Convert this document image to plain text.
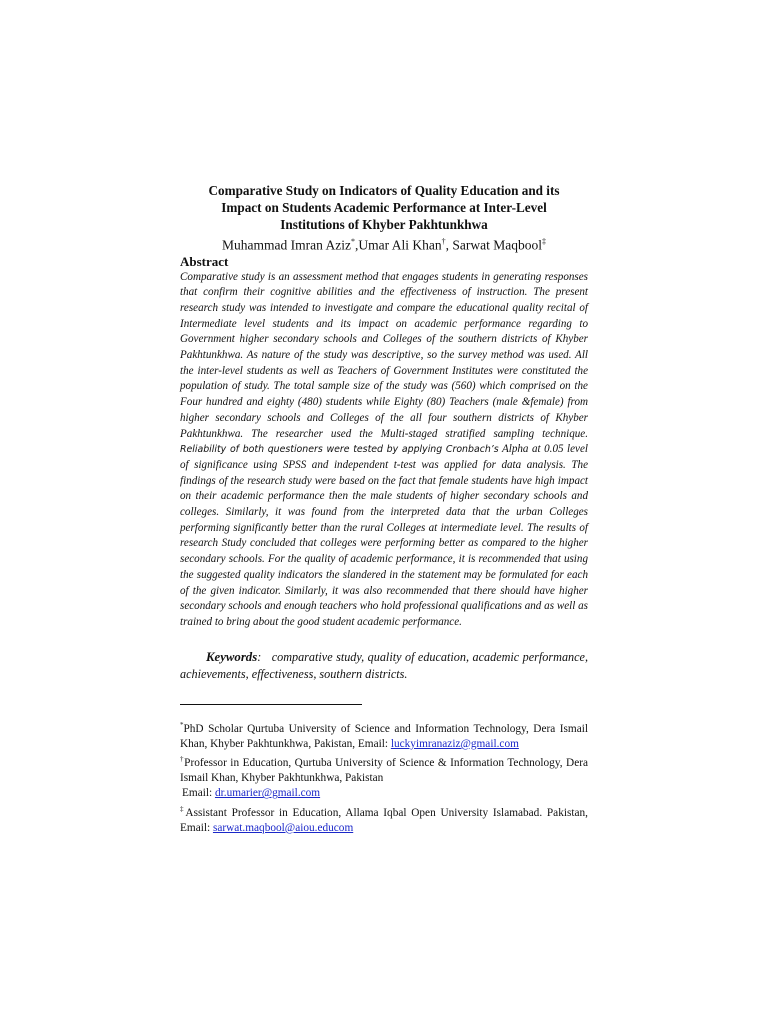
Comparative Study on Indicators of Quality Education and its
Impact on Students Academic Performance at Inter-Level
Institutions of Khyber Pakhtunkhwa
Muhammad Imran Aziz*,Umar Ali Khan†, Sarwat Maqbool‡
Abstract

Comparative study is an assessment method that engages students in generating responses that confirm their cognitive abilities and the effectiveness of instruction. The present research study was intended to investigate and compare the educational quality recital of Intermediate level students and its impact on academic performance regarding to Government higher secondary schools and Colleges of the southern districts of Khyber Pakhtunkhwa. As nature of the study was descriptive, so the survey method was used. All the inter-level students as well as Teachers of Government Institutes were constituted the population of study. The total sample size of the study was (560) which comprised on the Four hundred and eighty (480) students while Eighty (80) Teachers (male &female) from higher secondary schools and Colleges of the all four southern districts of Khyber Pakhtunkhwa. The researcher used the Multi-staged stratified sampling technique. Reliability of both questioners were tested by applying Cronbach’s Alpha at 0.05 level of significance using SPSS and independent t-test was applied for data analysis. The findings of the research study were based on the fact that female students have high impact on their academic performance then the male students of higher secondary schools and colleges. Similarly, it was found from the interpreted data that the urban Colleges performing significantly better than the rural Colleges at intermediate level. The results of research Study concluded that colleges were performing better as compared to the higher secondary schools. For the quality of academic performance, it is recommended that using the suggested quality indicators the slandered in the statement may be formulated for each of the given indicator. Similarly, it was also recommended that there should have higher secondary schools and enough teachers who hold professional qualifications and as well as trained to bring about the good student academic performance.

Keywords: comparative study, quality of education, academic performance, achievements, effectiveness, southern districts.

*PhD Scholar Qurtuba University of Science and Information Technology, Dera Ismail Khan, Khyber Pakhtunkhwa, Pakistan, Email: luckyimranaziz@gmail.com

†Professor in Education, Qurtuba University of Science & Information Technology, Dera Ismail Khan, Khyber Pakhtunkhwa, Pakistan

Email: dr.umarier@gmail.com

‡Assistant Professor in Education, Allama Iqbal Open University Islamabad. Pakistan, Email: sarwat.maqbool@aiou.educom
